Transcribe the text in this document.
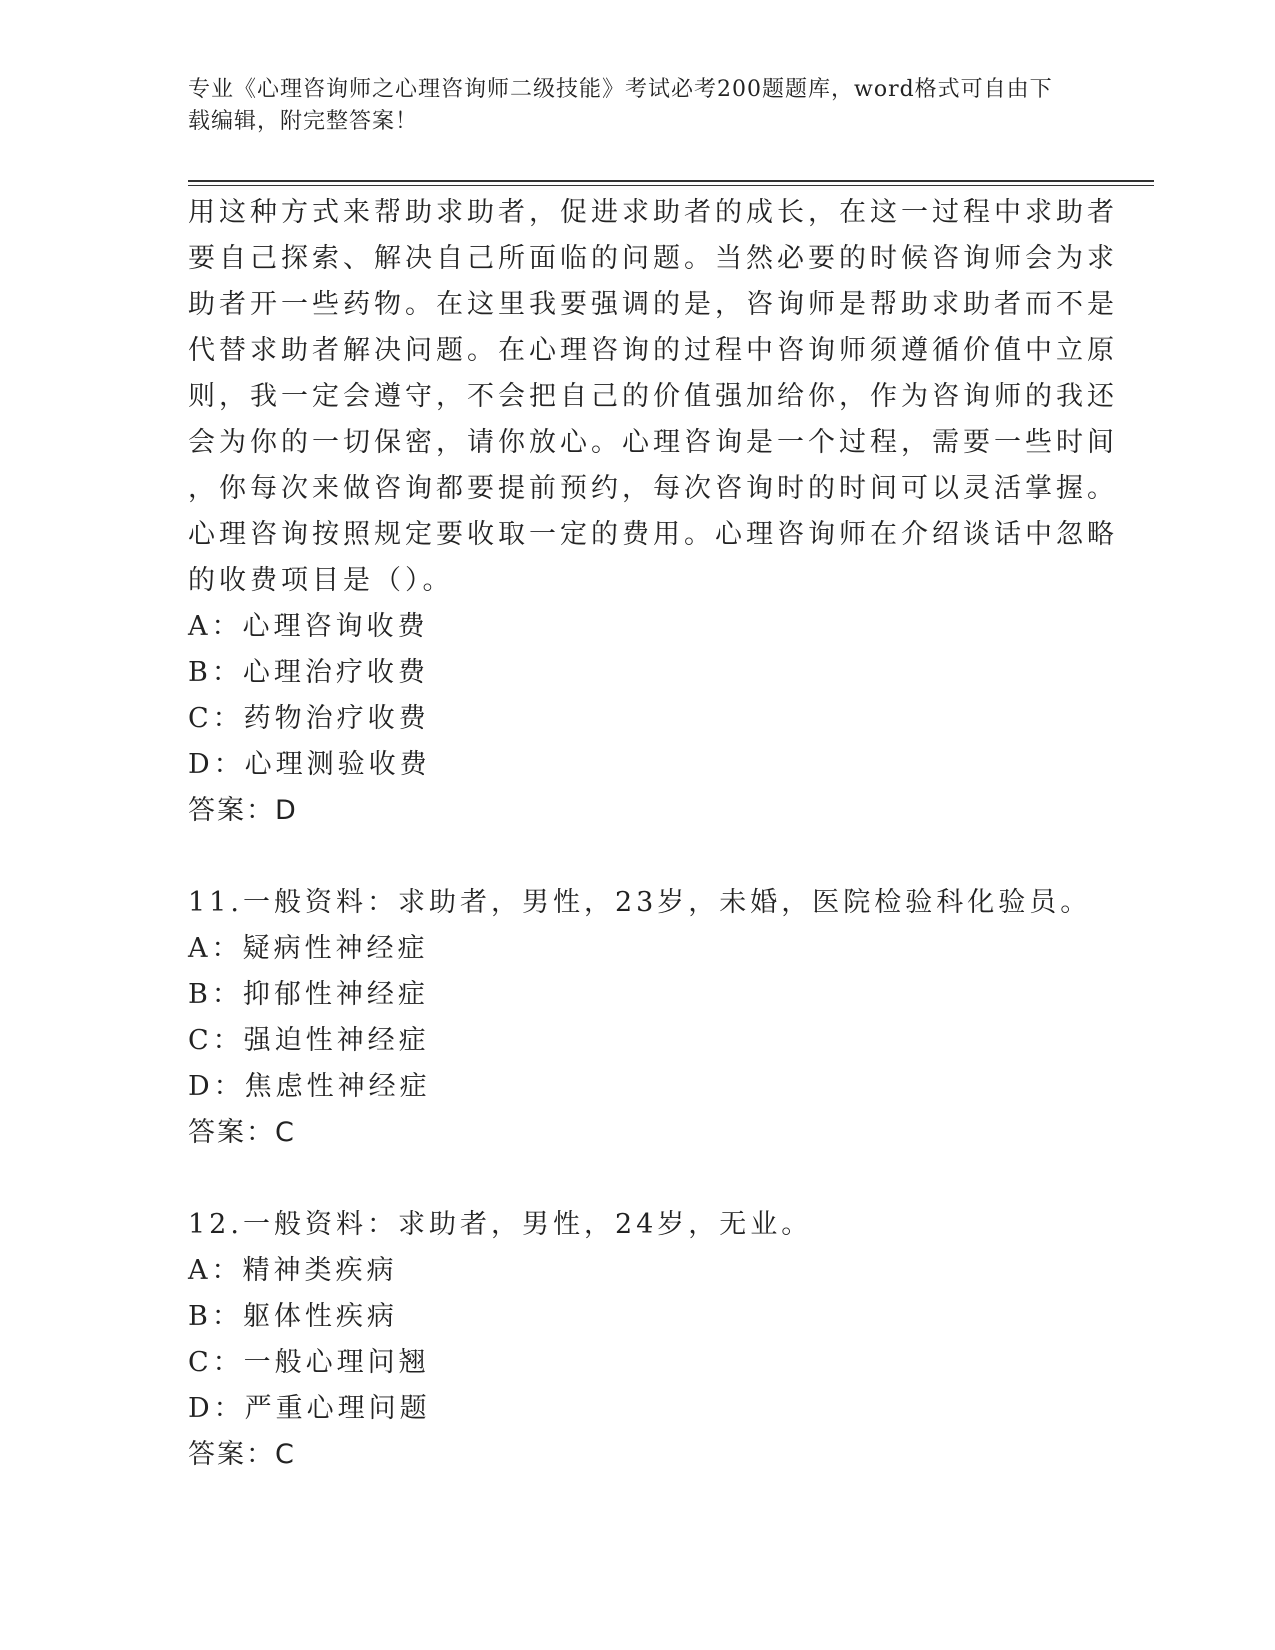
专业《心理咨询师之心理咨询师二级技能》考试必考200题题库，word格式可自由下载编辑，附完整答案！

用这种方式来帮助求助者，促进求助者的成长，在这一过程中求助者

要自己探索、解决自己所面临的问题。当然必要的时候咨询师会为求

助者开一些药物。在这里我要强调的是，咨询师是帮助求助者而不是

代替求助者解决问题。在心理咨询的过程中咨询师须遵循价值中立原

则，我一定会遵守，不会把自己的价值强加给你，作为咨询师的我还

会为你的一切保密，请你放心。心理咨询是一个过程，需要一些时间

，你每次来做咨询都要提前预约，每次咨询时的时间可以灵活掌握。

心理咨询按照规定要收取一定的费用。心理咨询师在介绍谈话中忽略

的收费项目是（）。

A：心理咨询收费

B：心理治疗收费

C：药物治疗收费

D：心理测验收费

答案：D

11.一般资料：求助者，男性，23岁，未婚，医院检验科化验员。

A：疑病性神经症

B：抑郁性神经症

C：强迫性神经症

D：焦虑性神经症

答案：C

12.一般资料：求助者，男性，24岁，无业。

A：精神类疾病

B：躯体性疾病

C：一般心理问翘

D：严重心理问题

答案：C
